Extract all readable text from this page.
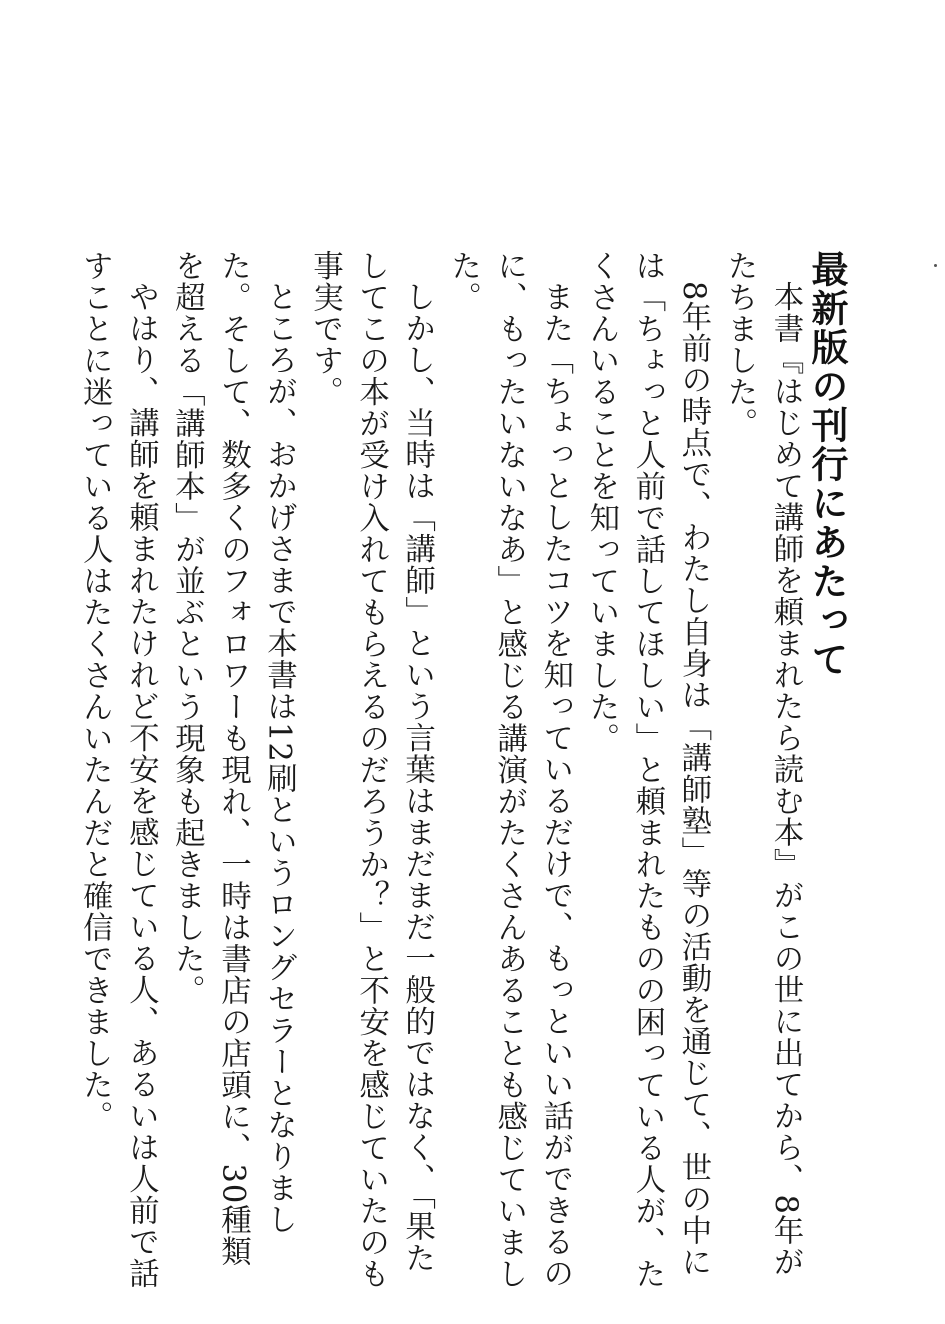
最新版の刊行にあたって

本書『はじめて講師を頼まれたら読む本』がこの世に出てから、8年がたちました。

8年前の時点で、わたし自身は「講師塾」等の活動を通じて、世の中には「ちょっと人前で話してほしい」と頼まれたものの困っている人が、たくさんいることを知っていました。

また「ちょっとしたコツを知っているだけで、もっといい話ができるのに、もったいないなあ」と感じる講演がたくさんあることも感じていました。

しかし、当時は「講師」という言葉はまだまだ一般的ではなく、「果たしてこの本が受け入れてもらえるのだろうか？」と不安を感じていたのも事実です。

ところが、おかげさまで本書は12刷というロングセラーとなりました。そして、数多くのフォロワーも現れ、一時は書店の店頭に、30種類を超える「講師本」が並ぶという現象も起きました。

やはり、講師を頼まれたけれど不安を感じている人、あるいは人前で話すことに迷っている人はたくさんいたんだと確信できました。
